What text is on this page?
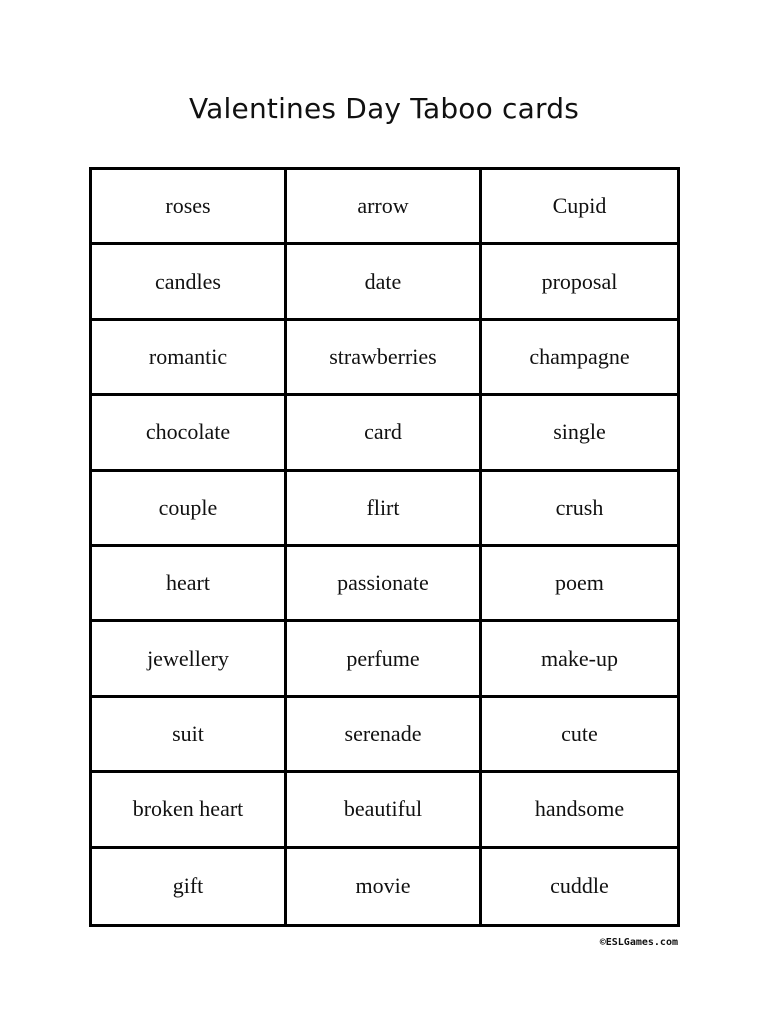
Valentines Day Taboo cards
roses	arrow	Cupid
candles	date	proposal
romantic	strawberries	champagne
chocolate	card	single
couple	flirt	crush
heart	passionate	poem
jewellery	perfume	make-up
suit	serenade	cute
broken heart	beautiful	handsome
gift	movie	cuddle
©ESLGames.com
